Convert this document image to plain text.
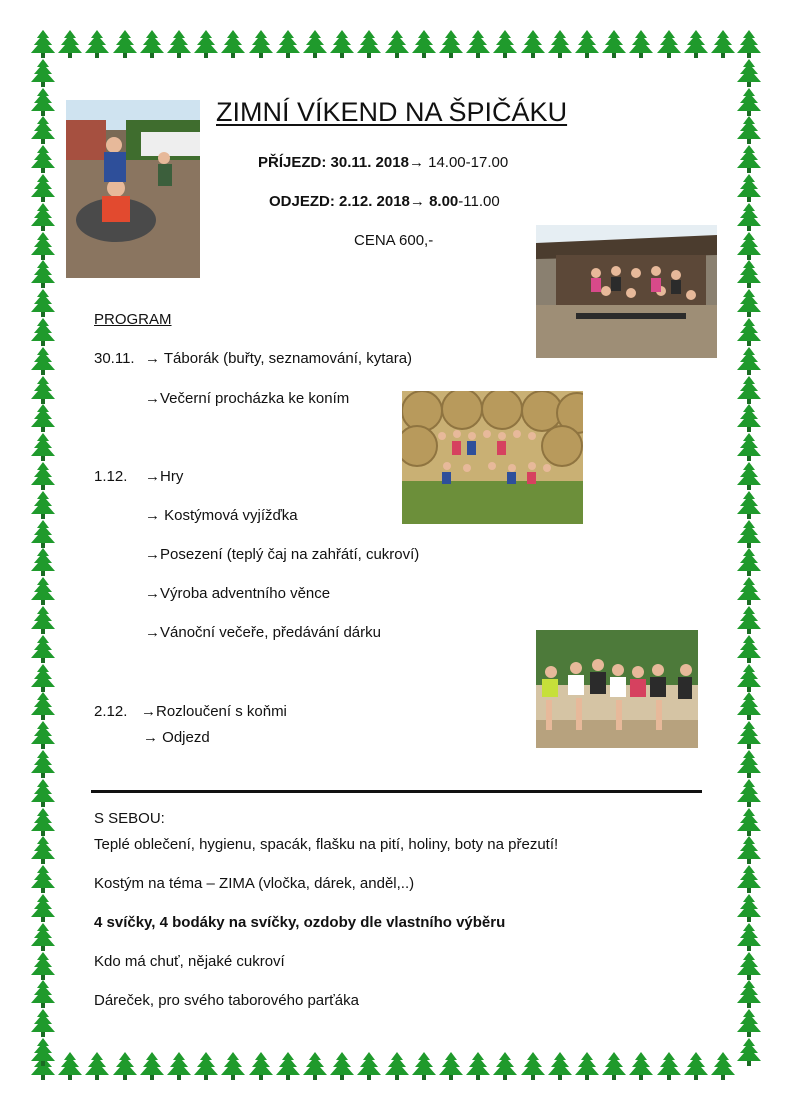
ZIMNÍ VÍKEND NA ŠPIČÁKU
PŘÍJEZD: 30.11. 2018→ 14.00-17.00
ODJEZD: 2.12. 2018→ 8.00-11.00
CENA 600,-
PROGRAM
30.11. → Táborák (buřty, seznamování, kytara)
→Večerní procházka ke koním
1.12. →Hry
→ Kostýmová vyjížďka
→Posezení (teplý čaj na zahřátí, cukroví)
→Výroba adventního věnce
→Vánoční večeře, předávání dárku
2.12. →Rozloučení s koňmi
→ Odjezd
S SEBOU:
Teplé oblečení, hygienu, spacák, flašku na pití, holiny, boty na přezutí!
Kostým na téma – ZIMA (vločka, dárek, anděl,..)
4 svíčky, 4 bodáky na svíčky, ozdoby dle vlastního výběru
Kdo má chuť, nějaké cukroví
Dáreček, pro svého taborového parťáka
